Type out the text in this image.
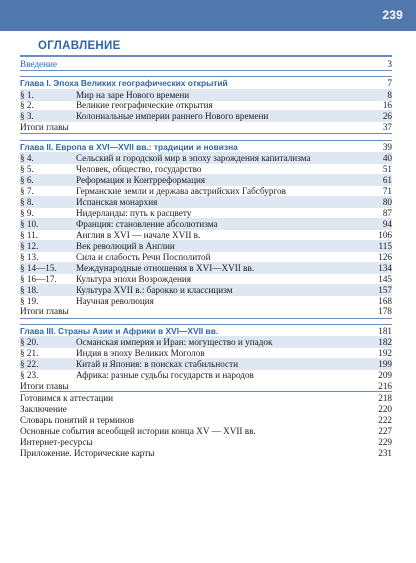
239
ОГЛАВЛЕНИЕ
Введение	3
Глава I. Эпоха Великих географических открытий	7
§ 1.	Мир на заре Нового времени	8
§ 2.	Великие географические открытия	16
§ 3.	Колониальные империи раннего Нового времени	26
Итоги главы	37
Глава II. Европа в XVI—XVII вв.: традиции и новизна	39
§ 4.	Сельский и городской мир в эпоху зарождения капитализма	40
§ 5.	Человек, общество, государство	51
§ 6.	Реформация и Контрреформация	61
§ 7.	Германские земли и держава австрийских Габсбургов	71
§ 8.	Испанская монархия	80
§ 9.	Нидерланды: путь к расцвету	87
§ 10.	Франция: становление абсолютизма	94
§ 11.	Англия в XVI — начале XVII в.	106
§ 12.	Век революций в Англии	115
§ 13.	Сила и слабость Речи Посполитой	126
§ 14—15. Международные отношения в XVI—XVII вв.	134
§ 16—17. Культура эпохи Возрождения	145
§ 18.	Культура XVII в.: барокко и классицизм	157
§ 19.	Научная революция	168
Итоги главы	178
Глава III. Страны Азии и Африки в XVI—XVII вв.	181
§ 20.	Османская империя и Иран: могущество и упадок	182
§ 21.	Индия в эпоху Великих Моголов	192
§ 22.	Китай и Япония: в поисках стабильности	199
§ 23.	Африка: разные судьбы государств и народов	209
Итоги главы	216
Готовимся к аттестации	218
Заключение	220
Словарь понятий и терминов	222
Основные события всеобщей истории конца XV — XVII вв.	227
Интернет-ресурсы	229
Приложение. Исторические карты	231
